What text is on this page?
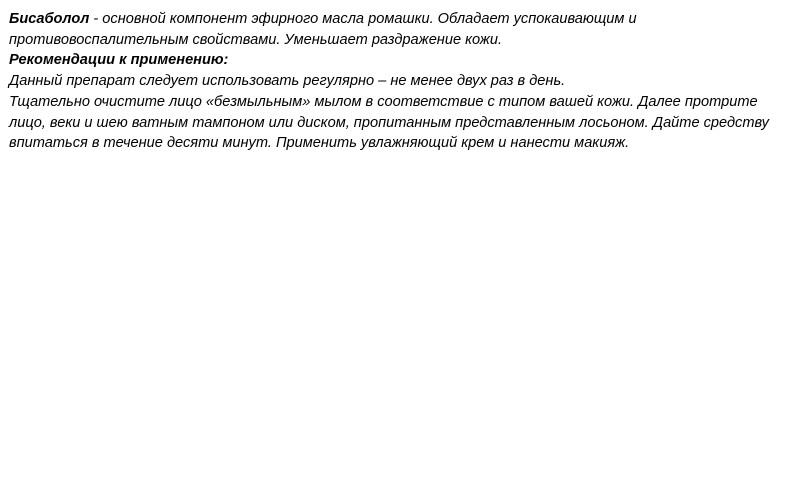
Бисаболол - основной компонент эфирного масла ромашки. Обладает успокаивающим и противовоспалительным свойствами. Уменьшает раздражение кожи.

Рекомендации к применению:

Данный препарат следует использовать регулярно – не менее двух раз в день.

Тщательно очистите лицо «безмыльным» мылом в соответствие с типом вашей кожи. Далее протрите лицо, веки и шею ватным тампоном или диском, пропитанным представленным лосьоном. Дайте средству впитаться в течение десяти минут. Применить увлажняющий крем и нанести макияж.
